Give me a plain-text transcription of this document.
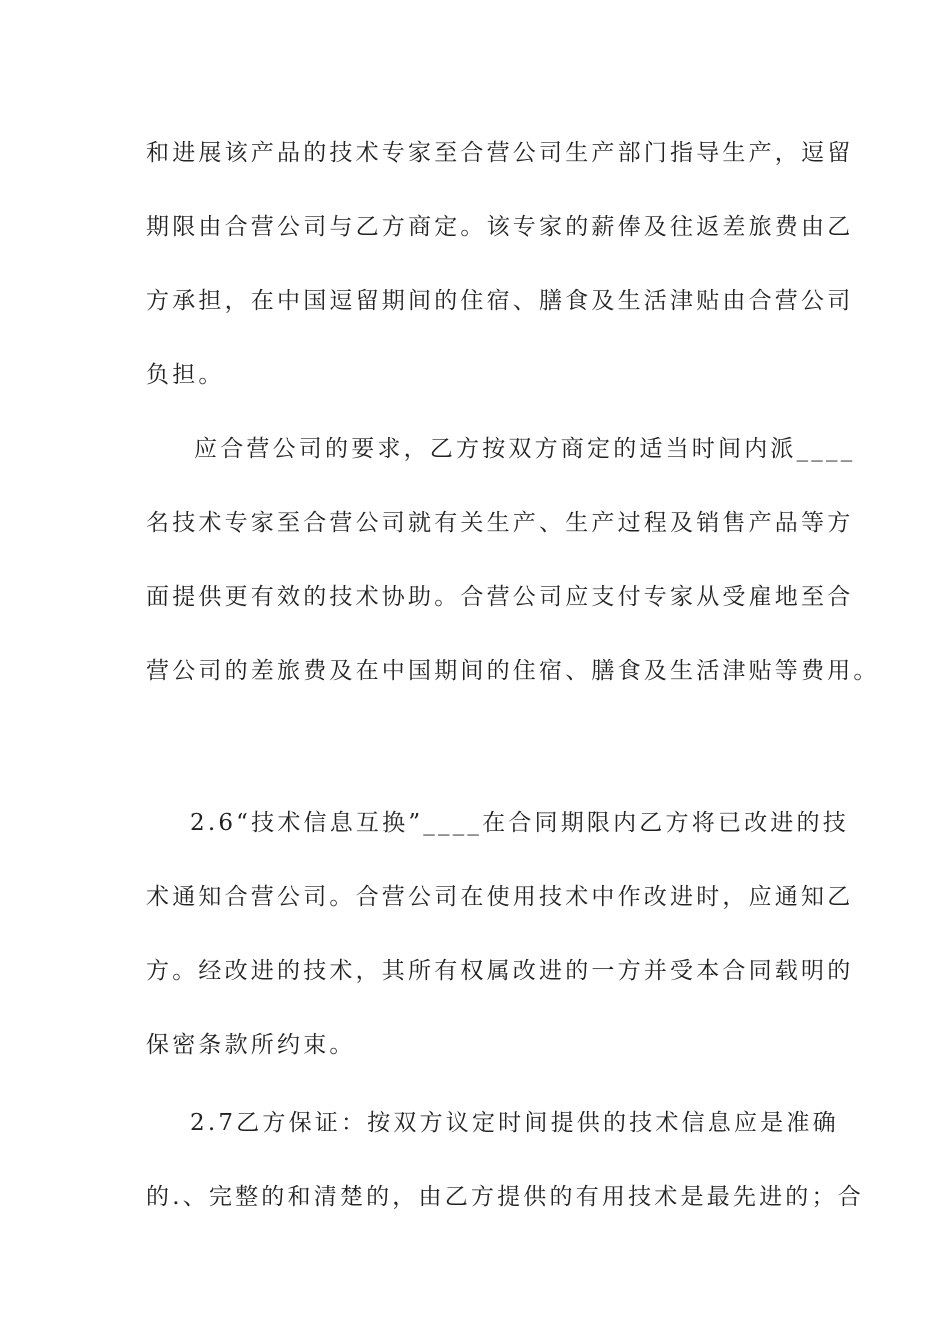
和进展该产品的技术专家至合营公司生产部门指导生产，逗留
期限由合营公司与乙方商定。该专家的薪俸及往返差旅费由乙
方承担，在中国逗留期间的住宿、膳食及生活津贴由合营公司
负担。
应合营公司的要求，乙方按双方商定的适当时间内派____
名技术专家至合营公司就有关生产、生产过程及销售产品等方
面提供更有效的技术协助。合营公司应支付专家从受雇地至合
营公司的差旅费及在中国期间的住宿、膳食及生活津贴等费用。
2.6“技术信息互换”____在合同期限内乙方将已改进的技
术通知合营公司。合营公司在使用技术中作改进时，应通知乙
方。经改进的技术，其所有权属改进的一方并受本合同载明的
保密条款所约束。
2.7乙方保证：按双方议定时间提供的技术信息应是准确
的.、完整的和清楚的，由乙方提供的有用技术是最先进的；合
